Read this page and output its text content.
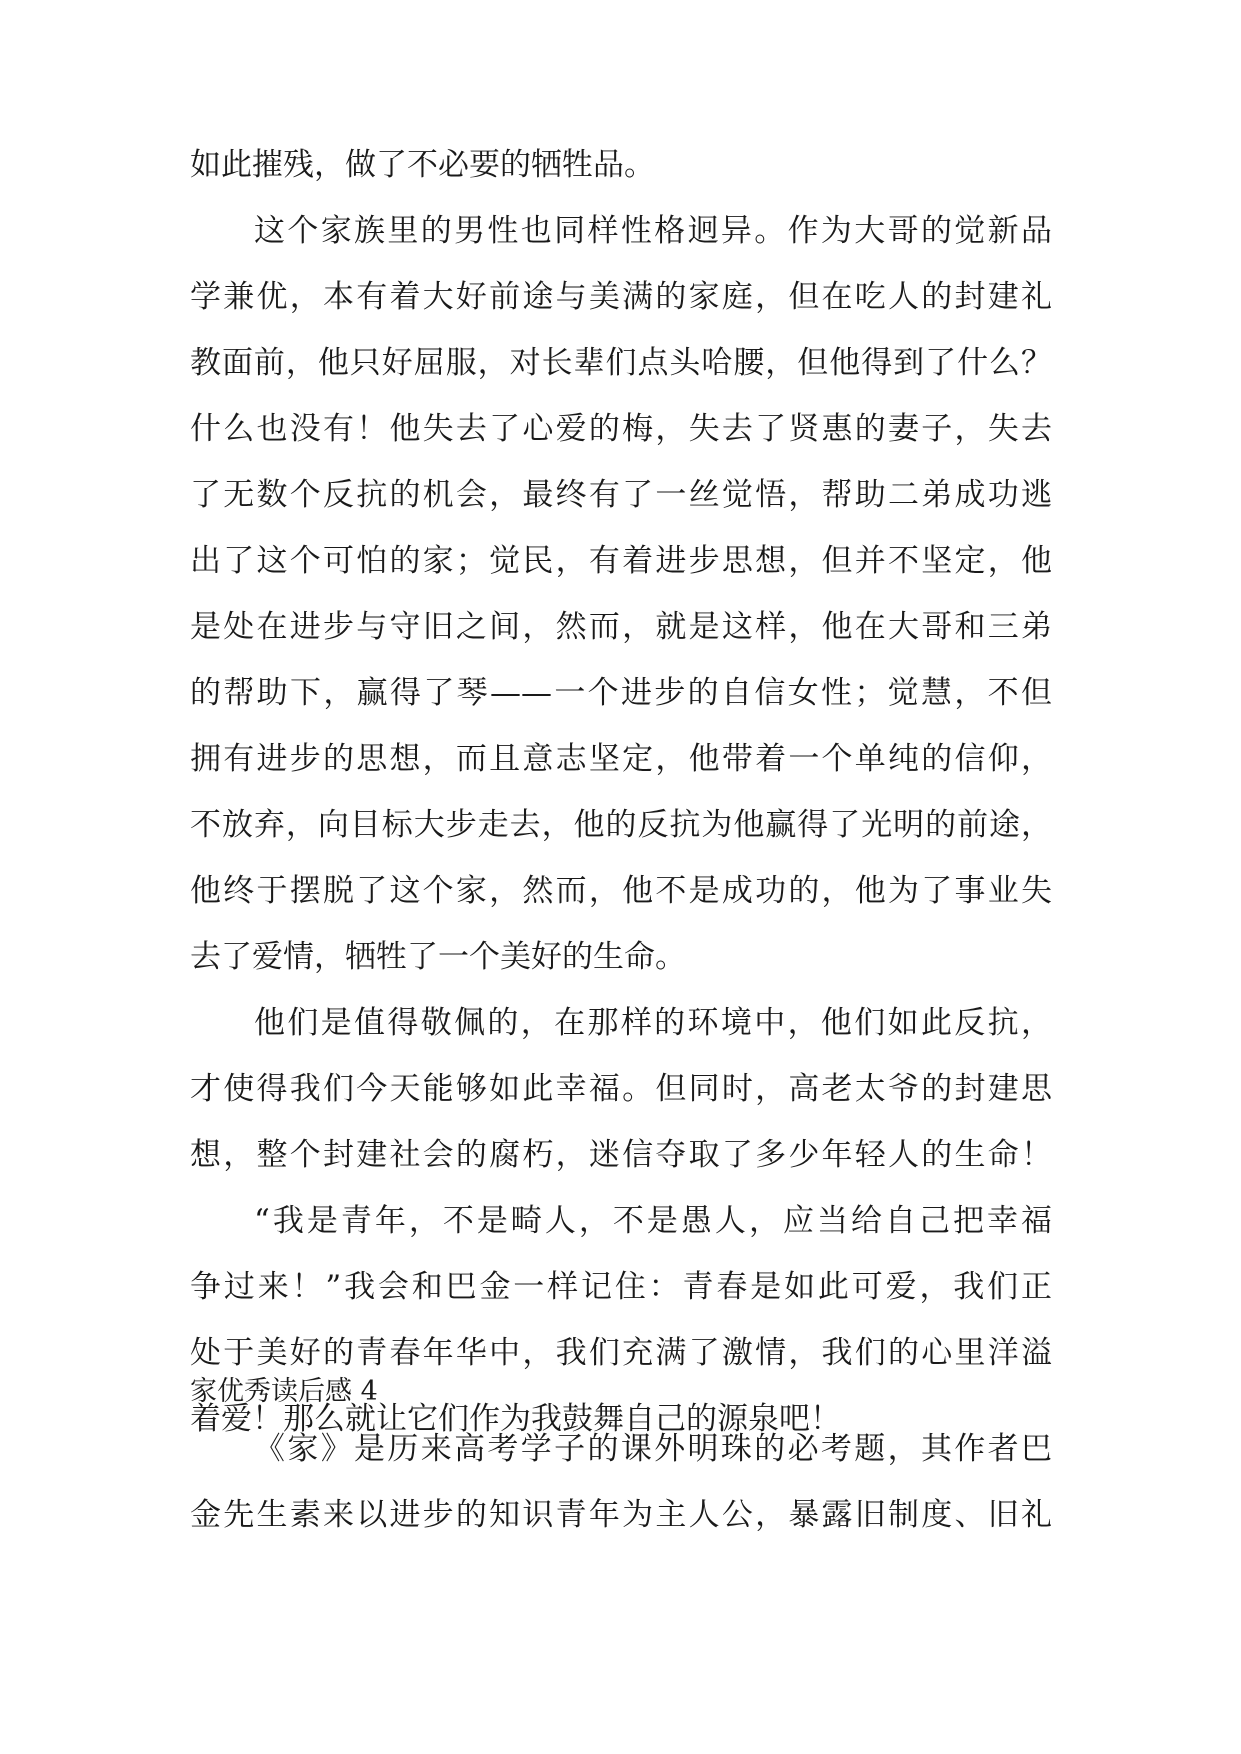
如此摧残，做了不必要的牺牲品。
这个家族里的男性也同样性格迥异。作为大哥的觉新品
学兼优，本有着大好前途与美满的家庭，但在吃人的封建礼
教面前，他只好屈服，对长辈们点头哈腰，但他得到了什么？
什么也没有！他失去了心爱的梅，失去了贤惠的妻子，失去
了无数个反抗的机会，最终有了一丝觉悟，帮助二弟成功逃
出了这个可怕的家；觉民，有着进步思想，但并不坚定，他
是处在进步与守旧之间，然而，就是这样，他在大哥和三弟
的帮助下，赢得了琴——一个进步的自信女性；觉慧，不但
拥有进步的思想，而且意志坚定，他带着一个单纯的信仰，
不放弃，向目标大步走去，他的反抗为他赢得了光明的前途，
他终于摆脱了这个家，然而，他不是成功的，他为了事业失
去了爱情，牺牲了一个美好的生命。
他们是值得敬佩的，在那样的环境中，他们如此反抗，
才使得我们今天能够如此幸福。但同时，高老太爷的封建思
想，整个封建社会的腐朽，迷信夺取了多少年轻人的生命！
“我是青年，不是畸人，不是愚人，应当给自己把幸福
争过来！”我会和巴金一样记住：青春是如此可爱，我们正
处于美好的青春年华中，我们充满了激情，我们的心里洋溢
着爱！那么就让它们作为我鼓舞自己的源泉吧！
家优秀读后感 4
《家》是历来高考学子的课外明珠的必考题，其作者巴
金先生素来以进步的知识青年为主人公，暴露旧制度、旧礼
